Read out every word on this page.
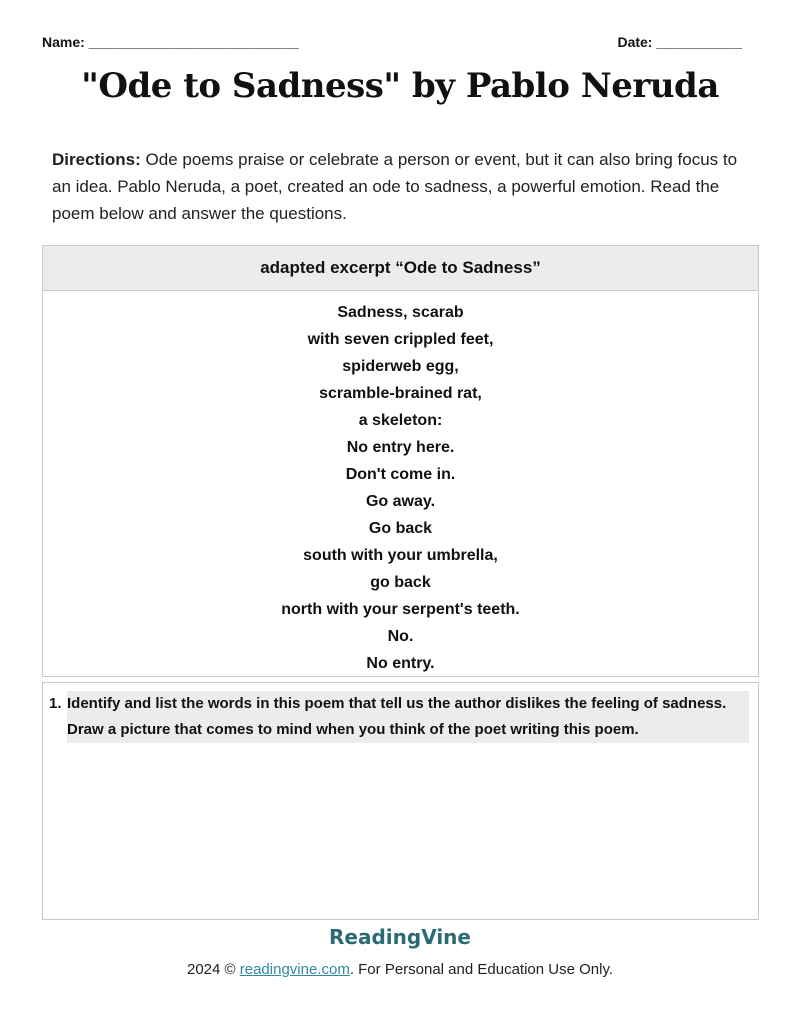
Name: ___________________________	Date: ___________
"Ode to Sadness" by Pablo Neruda
Directions: Ode poems praise or celebrate a person or event, but it can also bring focus to an idea. Pablo Neruda, a poet, created an ode to sadness, a powerful emotion. Read the poem below and answer the questions.
adapted excerpt “Ode to Sadness”
Sadness, scarab
with seven crippled feet,
spiderweb egg,
scramble-brained rat,
a skeleton:
No entry here.
Don't come in.
Go away.
Go back
south with your umbrella,
go back
north with your serpent's teeth.
No.
No entry.
1. Identify and list the words in this poem that tell us the author dislikes the feeling of sadness. Draw a picture that comes to mind when you think of the poet writing this poem.
ReadingVine
2024 © readingvine.com. For Personal and Education Use Only.
